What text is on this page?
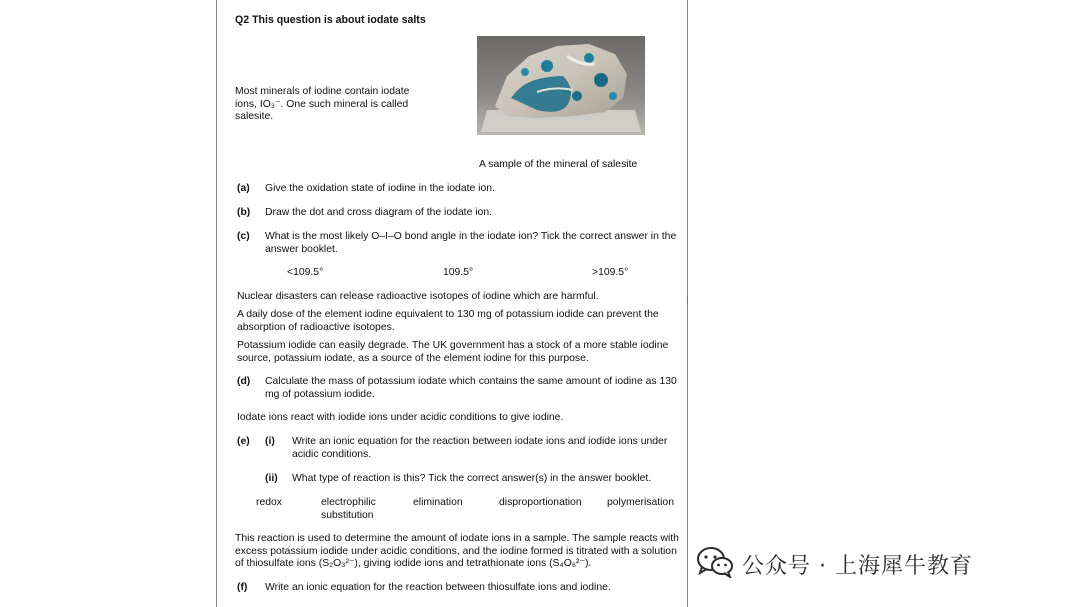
Q2 This question is about iodate salts
Most minerals of iodine contain iodate ions, IO₃⁻. One such mineral is called salesite.
A sample of the mineral of salesite
(a) Give the oxidation state of iodine in the iodate ion.
(b) Draw the dot and cross diagram of the iodate ion.
(c) What is the most likely O–I–O bond angle in the iodate ion? Tick the correct answer in the answer booklet.
<109.5°	109.5°	>109.5°
Nuclear disasters can release radioactive isotopes of iodine which are harmful.
A daily dose of the element iodine equivalent to 130 mg of potassium iodide can prevent the absorption of radioactive isotopes.
Potassium iodide can easily degrade. The UK government has a stock of a more stable iodine source, potassium iodate, as a source of the element iodine for this purpose.
(d) Calculate the mass of potassium iodate which contains the same amount of iodine as 130 mg of potassium iodide.
Iodate ions react with iodide ions under acidic conditions to give iodine.
(e) (i) Write an ionic equation for the reaction between iodate ions and iodide ions under acidic conditions.
(ii) What type of reaction is this? Tick the correct answer(s) in the answer booklet.
redox	electrophilic substitution
elimination	disproportionation polymerisation
This reaction is used to determine the amount of iodate ions in a sample. The sample reacts with excess potassium iodide under acidic conditions, and the iodine formed is titrated with a solution of thiosulfate ions (S₂O₃²⁻), giving iodide ions and tetrathionate ions (S₄O₆²⁻).
(f) Write an ionic equation for the reaction between thiosulfate ions and iodine.
⁞
公众号 · 上海犀牛教育
